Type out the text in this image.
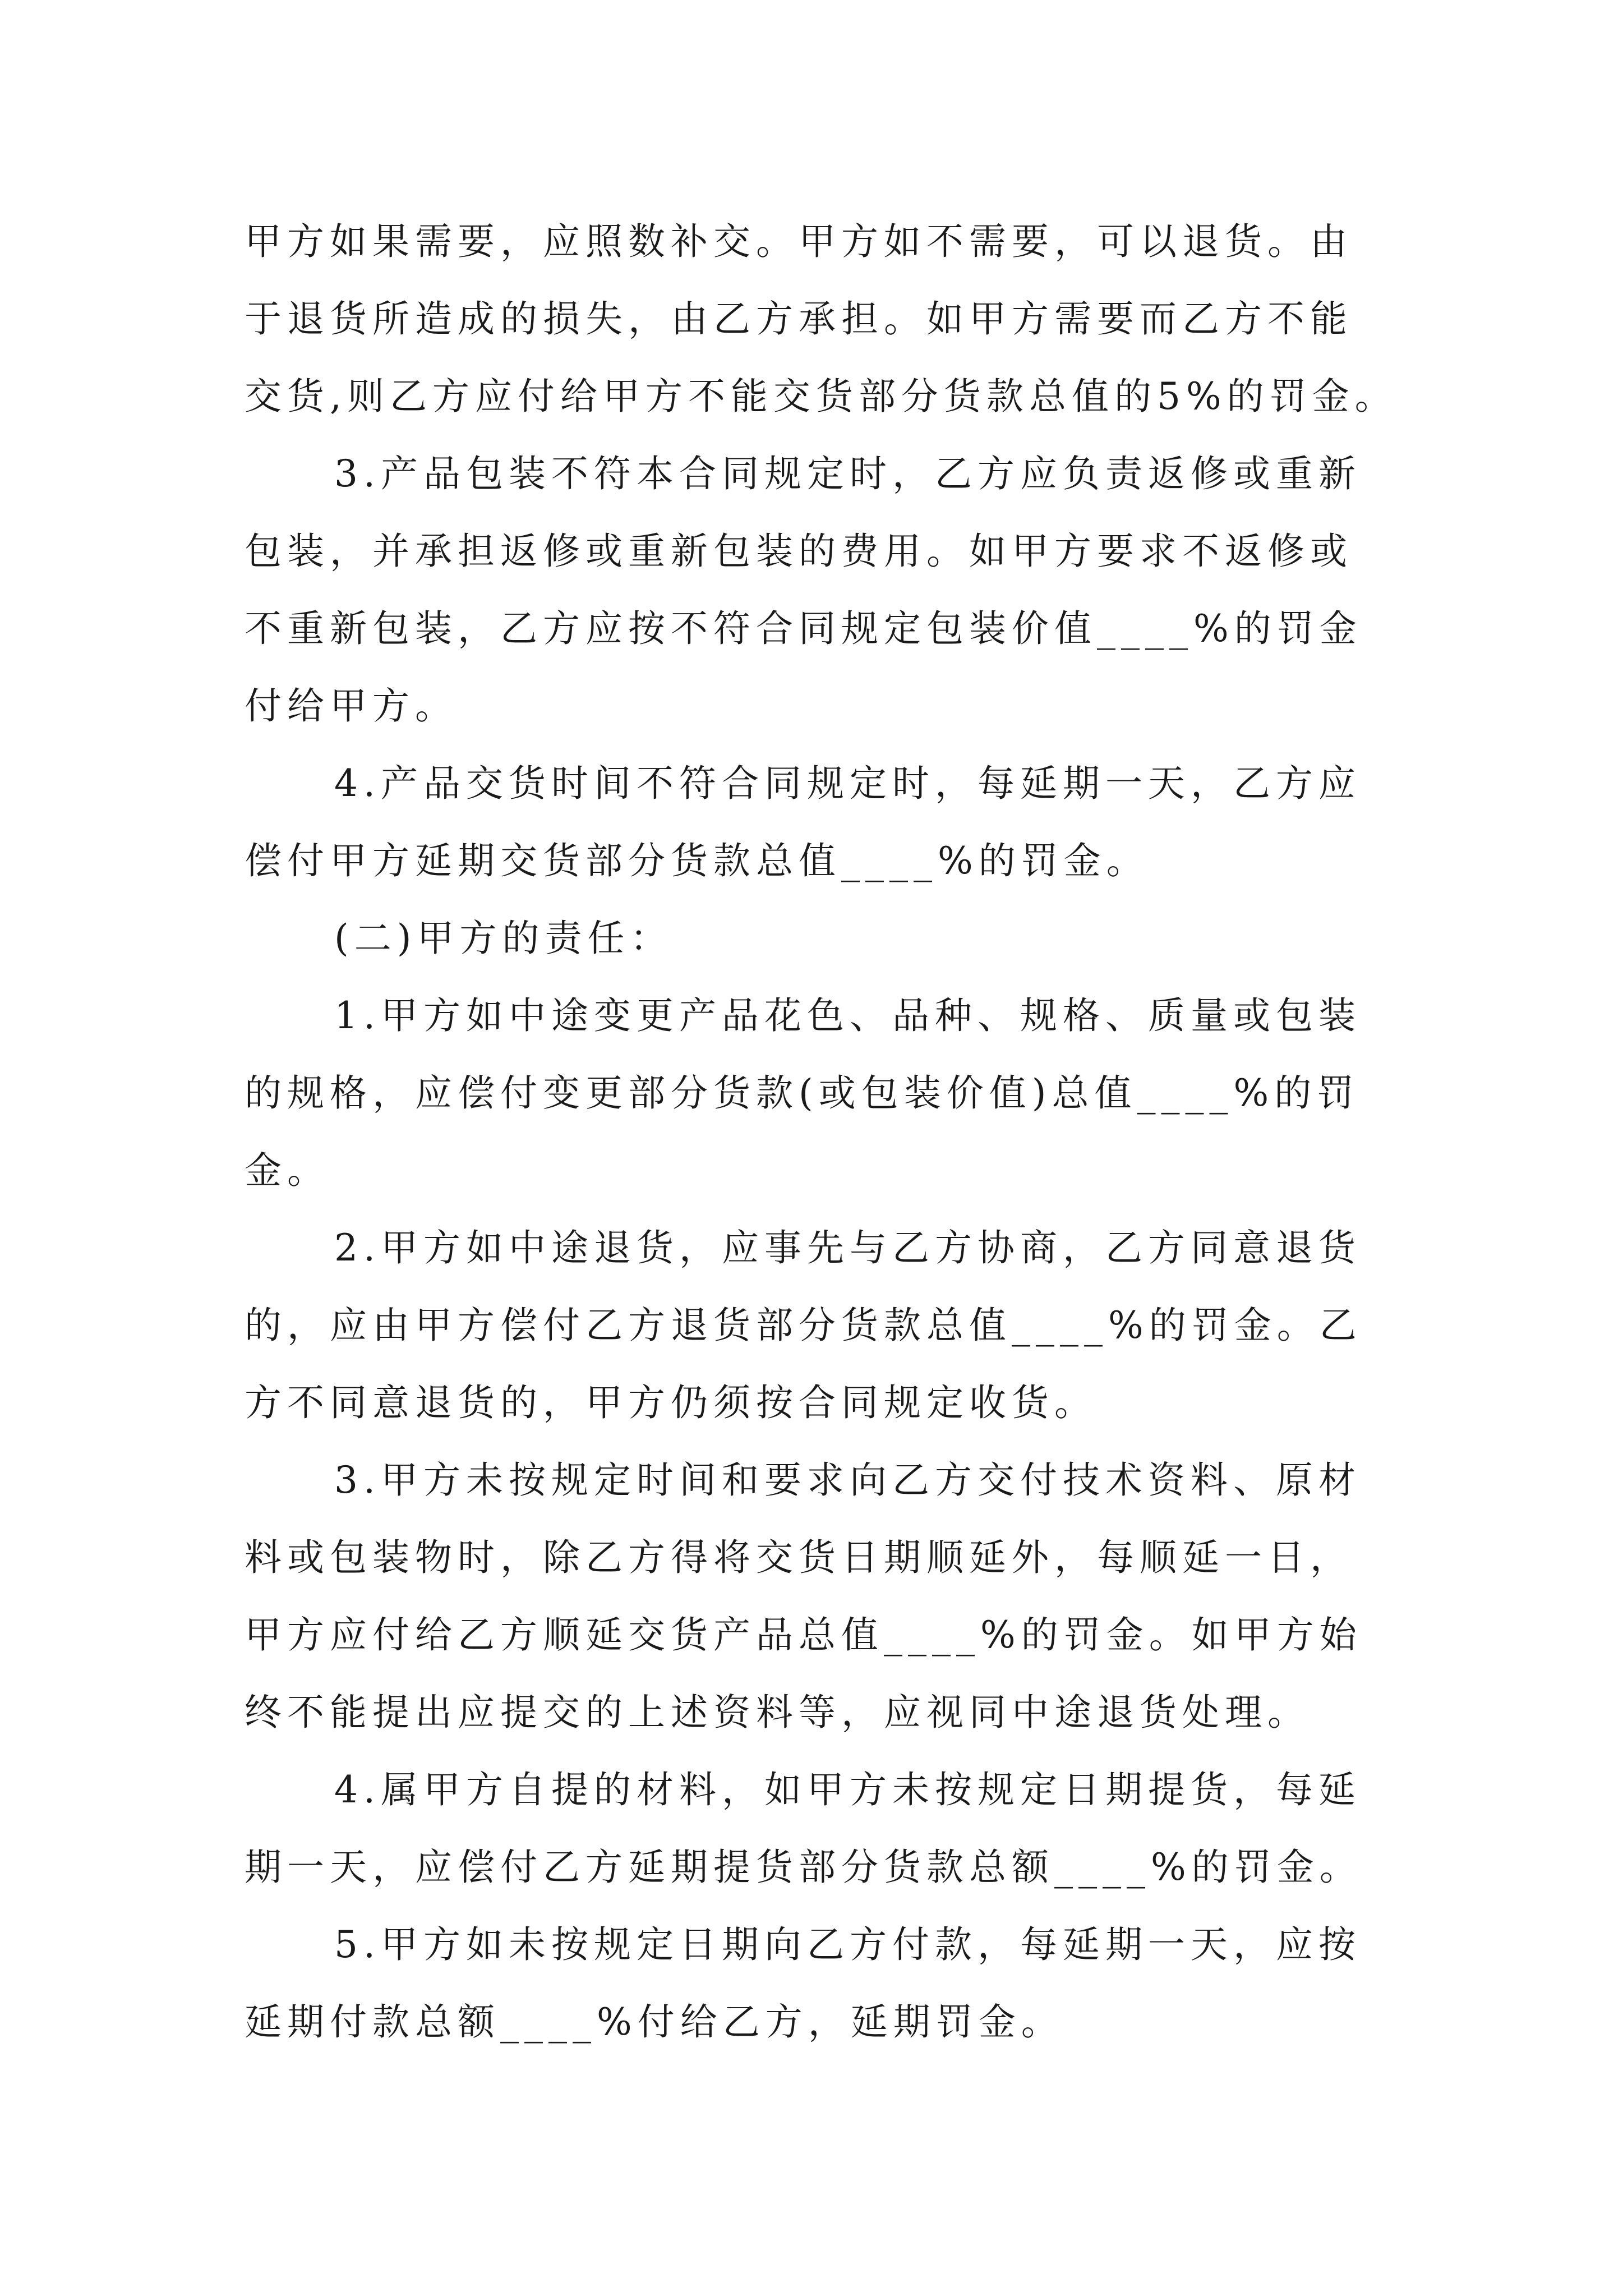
甲方如果需要，应照数补交。甲方如不需要，可以退货。由
于退货所造成的损失，由乙方承担。如甲方需要而乙方不能
交货,则乙方应付给甲方不能交货部分货款总值的5%的罚金。
3.产品包装不符本合同规定时，乙方应负责返修或重新
包装，并承担返修或重新包装的费用。如甲方要求不返修或
不重新包装，乙方应按不符合同规定包装价值____%的罚金
付给甲方。
4.产品交货时间不符合同规定时，每延期一天，乙方应
偿付甲方延期交货部分货款总值____%的罚金。
(二)甲方的责任：
1.甲方如中途变更产品花色、品种、规格、质量或包装
的规格，应偿付变更部分货款(或包装价值)总值____%的罚
金。
2.甲方如中途退货，应事先与乙方协商，乙方同意退货
的，应由甲方偿付乙方退货部分货款总值____%的罚金。乙
方不同意退货的，甲方仍须按合同规定收货。
3.甲方未按规定时间和要求向乙方交付技术资料、原材
料或包装物时，除乙方得将交货日期顺延外，每顺延一日，
甲方应付给乙方顺延交货产品总值____%的罚金。如甲方始
终不能提出应提交的上述资料等，应视同中途退货处理。
4.属甲方自提的材料，如甲方未按规定日期提货，每延
期一天，应偿付乙方延期提货部分货款总额____%的罚金。
5.甲方如未按规定日期向乙方付款，每延期一天，应按
延期付款总额____%付给乙方，延期罚金。
